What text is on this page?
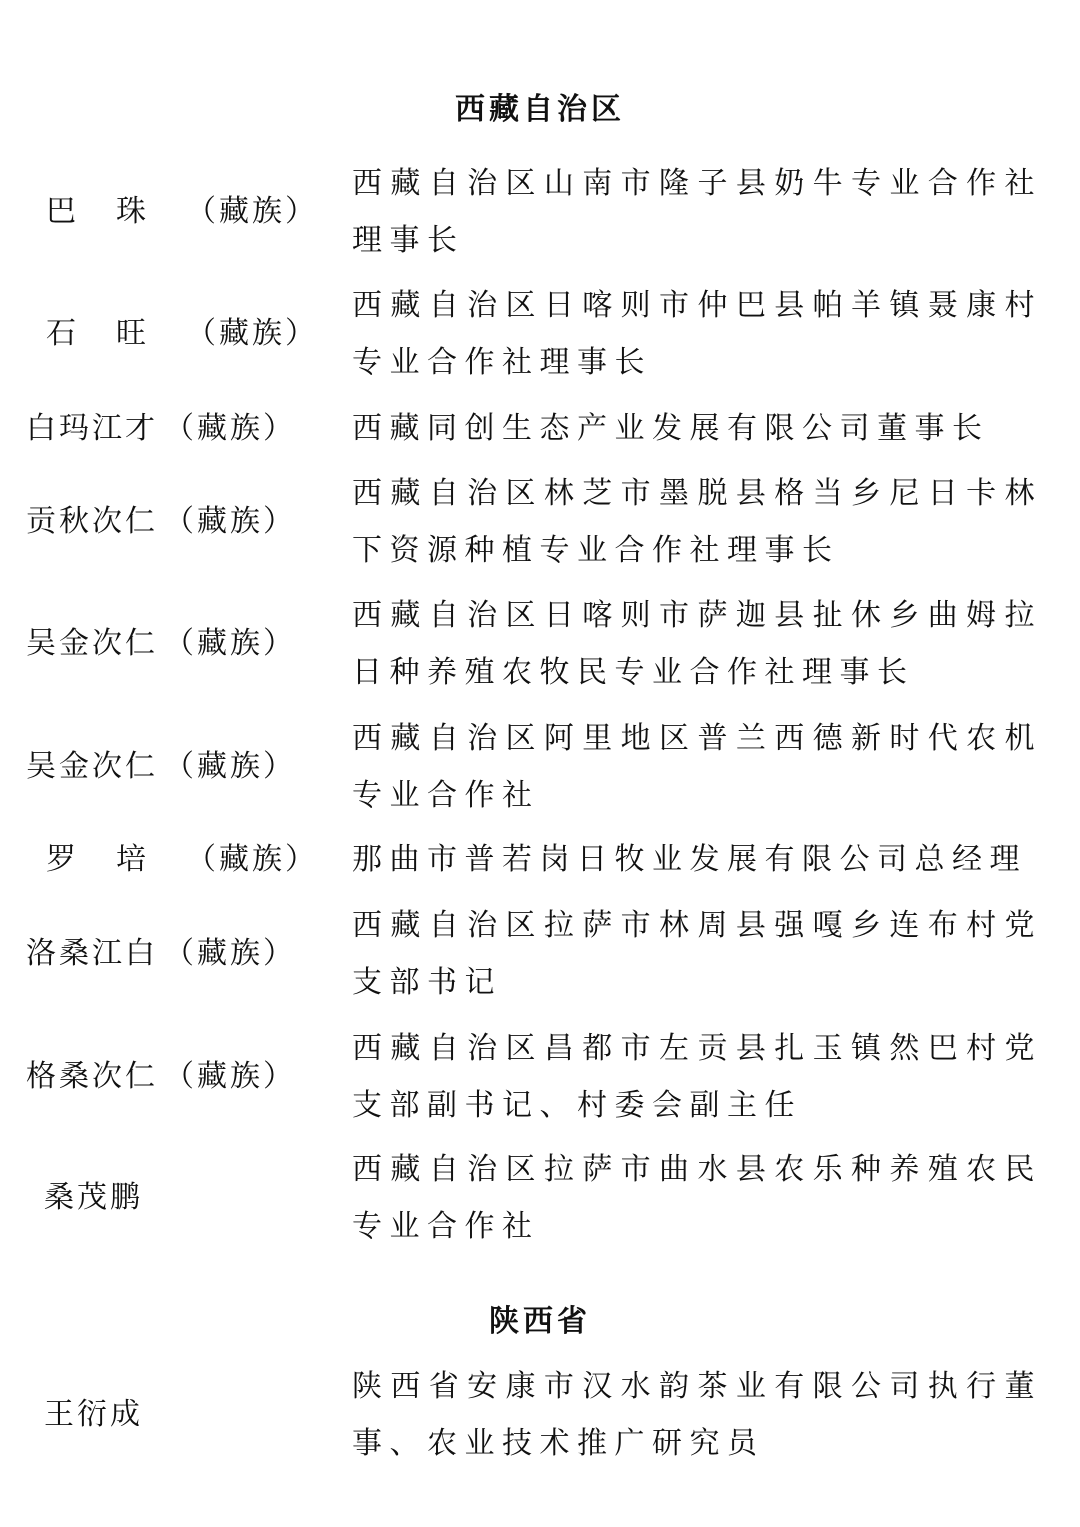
西藏自治区
巴珠（藏族）
西藏自治区山南市隆子县奶牛专业合作社理事长
石旺（藏族）
西藏自治区日喀则市仲巴县帕羊镇聂康村专业合作社理事长
白玛江才 （藏族） 西藏同创生态产业发展有限公司董事长
贡秋次仁 （藏族）
西藏自治区林芝市墨脱县格当乡尼日卡林下资源种植专业合作社理事长
吴金次仁 （藏族）
西藏自治区日喀则市萨迦县扯休乡曲姆拉日种养殖农牧民专业合作社理事长
吴金次仁 （藏族）
西藏自治区阿里地区普兰西德新时代农机专业合作社
罗培（藏族） 那曲市普若岗日牧业发展有限公司总经理
洛桑江白 （藏族）
西藏自治区拉萨市林周县强嘎乡连布村党支部书记
格桑次仁 （藏族）
西藏自治区昌都市左贡县扎玉镇然巴村党支部副书记、村委会副主任
桑茂鹏
西藏自治区拉萨市曲水县农乐种养殖农民专业合作社
陕西省
王衍成
陕西省安康市汉水韵茶业有限公司执行董事、农业技术推广研究员
